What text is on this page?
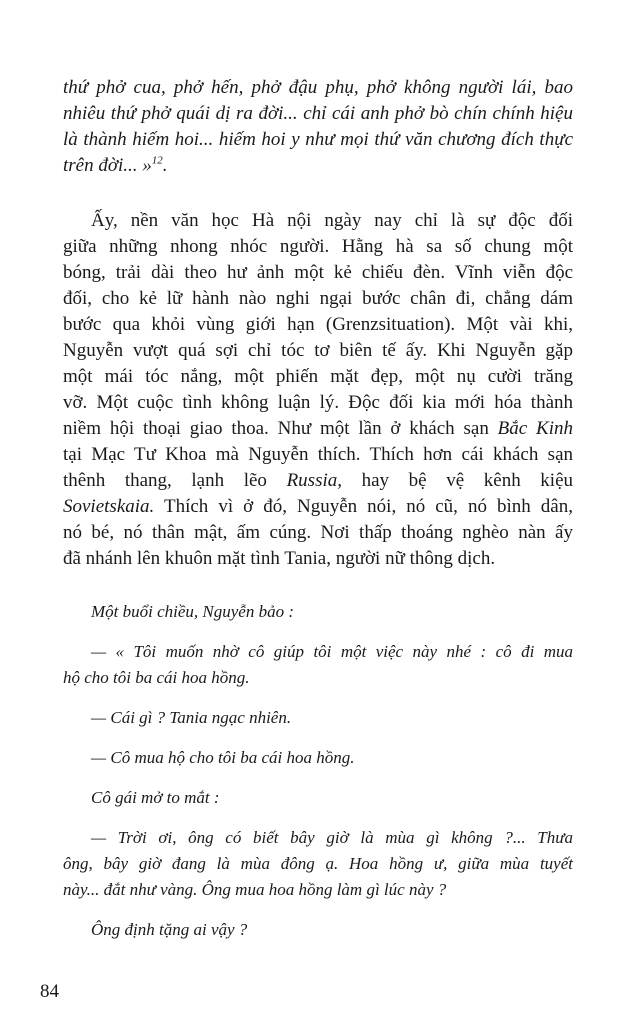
thứ phở cua, phở hến, phở đậu phụ, phở không người lái, bao
nhiêu thứ phở quái dị ra đời... chỉ cái anh phở bò chín chính hiệu
là thành hiếm hoi... hiếm hoi y như mọi thứ văn chương đích thực
trên đời... »$^{12}$.
Ấy, nền văn học Hà nội ngày nay chỉ là sự độc đối
giữa những nhong nhóc người. Hằng hà sa số chung một
bóng, trải dài theo hư ảnh một kẻ chiếu đèn. Vĩnh viễn độc
đối, cho kẻ lữ hành nào nghi ngại bước chân đi, chẳng dám
bước qua khỏi vùng giới hạn (Grenzsituation). Một vài khi,
Nguyễn vượt quá sợi chỉ tóc tơ biên tế ấy. Khi Nguyễn gặp
một mái tóc nắng, một phiến mặt đẹp, một nụ cười trăng
vỡ. Một cuộc tình không luận lý. Độc đối kia mới hóa thành
niềm hội thoại giao thoa. Như một lần ở khách sạn Bắc Kinh
tại Mạc Tư Khoa mà Nguyễn thích. Thích hơn cái khách sạn
thênh thang, lạnh lẽo Russia, hay bệ vệ kênh kiệu
Sovietskaia. Thích vì ở đó, Nguyễn nói, nó cũ, nó bình dân,
nó bé, nó thân mật, ấm cúng. Nơi thấp thoáng nghèo nàn ấy
đã nhánh lên khuôn mặt tình Tania, người nữ thông dịch.
Một buổi chiều, Nguyễn bảo :
— « Tôi muốn nhờ cô giúp tôi một việc này nhé : cô đi mua
hộ cho tôi ba cái hoa hồng.
— Cái gì ? Tania ngạc nhiên.
— Cô mua hộ cho tôi ba cái hoa hồng.
Cô gái mở to mắt :
— Trời ơi, ông có biết bây giờ là mùa gì không ?... Thưa
ông, bây giờ đang là mùa đông ạ. Hoa hồng ư, giữa mùa tuyết
này... đắt như vàng. Ông mua hoa hồng làm gì lúc này ?
Ông định tặng ai vậy ?
84
